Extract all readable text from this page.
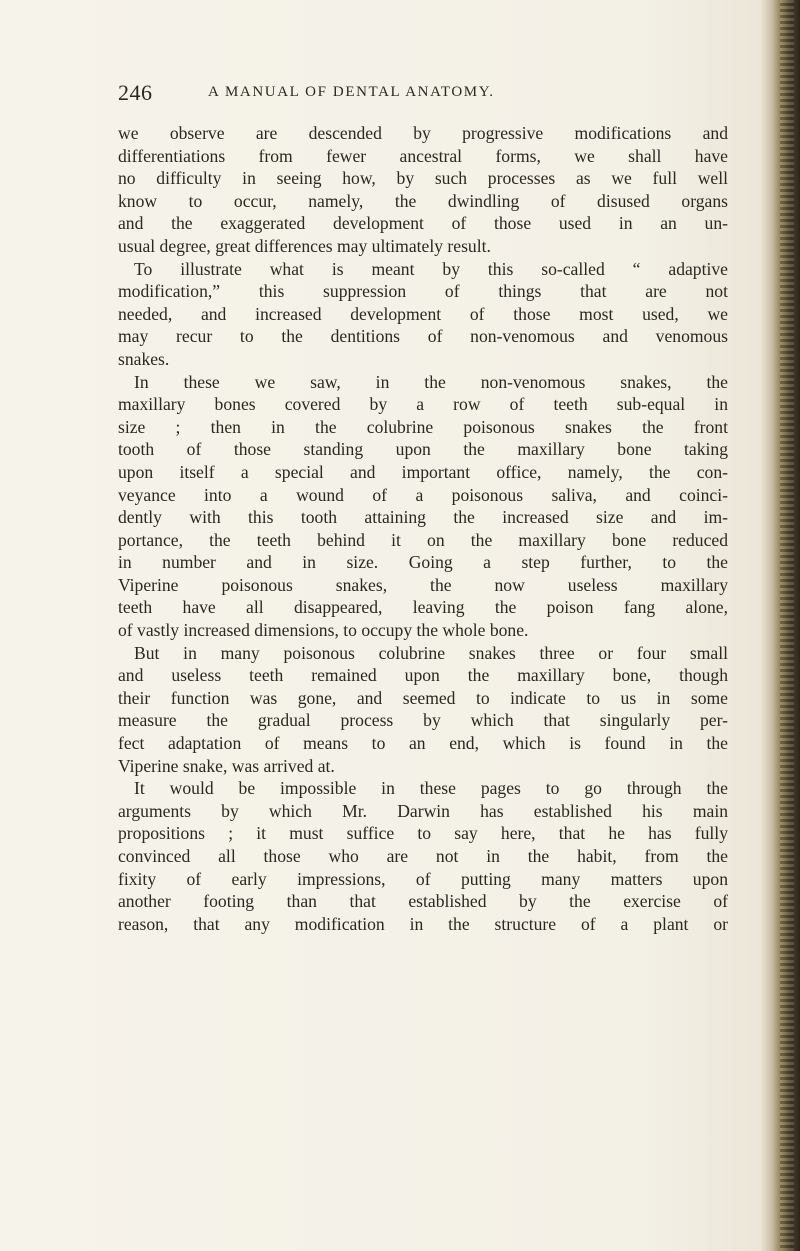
246	A MANUAL OF DENTAL ANATOMY.
we observe are descended by progressive modifications and
differentiations from fewer ancestral forms, we shall have
no difficulty in seeing how, by such processes as we full well
know to occur, namely, the dwindling of disused organs
and the exaggerated development of those used in an un-
usual degree, great differences may ultimately result.
To illustrate what is meant by this so-called “ adaptive
modification,” this suppression of things that are not
needed, and increased development of those most used, we
may recur to the dentitions of non-venomous and venomous
snakes.
In these we saw, in the non-venomous snakes, the
maxillary bones covered by a row of teeth sub-equal in
size ; then in the colubrine poisonous snakes the front
tooth of those standing upon the maxillary bone taking
upon itself a special and important office, namely, the con-
veyance into a wound of a poisonous saliva, and coinci-
dently with this tooth attaining the increased size and im-
portance, the teeth behind it on the maxillary bone reduced
in number and in size. Going a step further, to the
Viperine poisonous snakes, the now useless maxillary
teeth have all disappeared, leaving the poison fang alone,
of vastly increased dimensions, to occupy the whole bone.
But in many poisonous colubrine snakes three or four small
and useless teeth remained upon the maxillary bone, though
their function was gone, and seemed to indicate to us in some
measure the gradual process by which that singularly per-
fect adaptation of means to an end, which is found in the
Viperine snake, was arrived at.
It would be impossible in these pages to go through the
arguments by which Mr. Darwin has established his main
propositions ; it must suffice to say here, that he has fully
convinced all those who are not in the habit, from the
fixity of early impressions, of putting many matters upon
another footing than that established by the exercise of
reason, that any modification in the structure of a plant or
